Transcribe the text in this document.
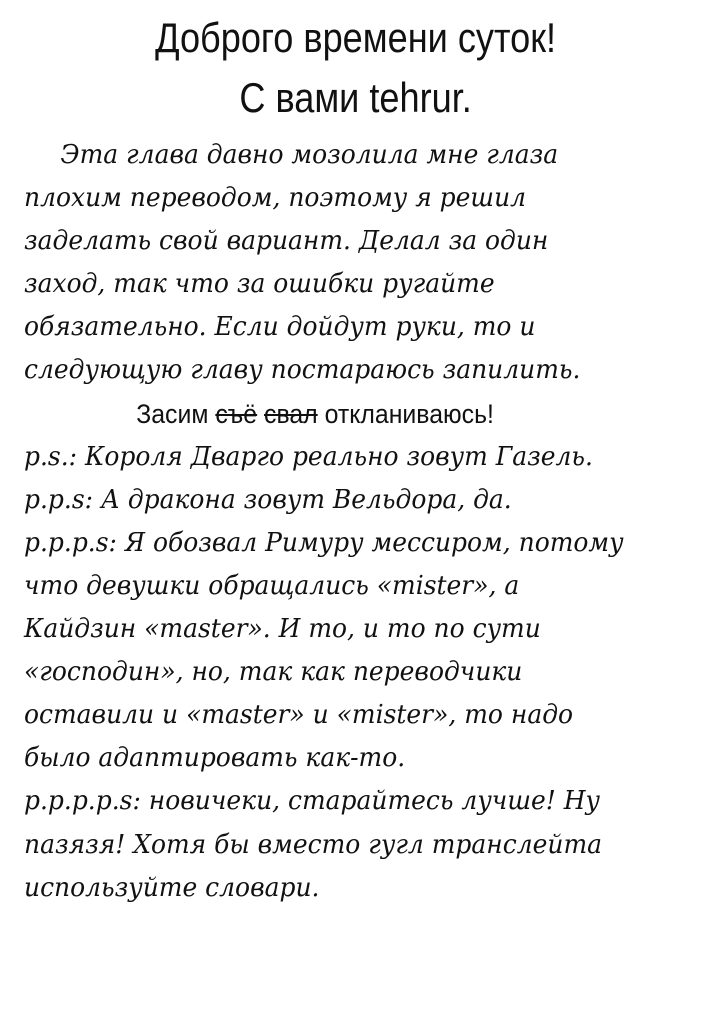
Доброго времени суток!
С вами tehrur.
Эта глава давно мозолила мне глаза
плохим переводом, поэтому я решил
заделать свой вариант. Делал за один
заход, так что за ошибки ругайте
обязательно. Если дойдут руки, то и
следующую главу постараюсь запилить.
Засим съё свал откланиваюсь!
p.s.: Короля Дварго реально зовут Газель.
p.p.s: А дракона зовут Вельдора, да.
p.p.p.s: Я обозвал Римуру мессиром, потому
что девушки обращались «mister», а
Кайдзин «master». И то, и то по сути
«господин», но, так как переводчики
оставили и «master» и «mister», то надо
было адаптировать как-то.
p.p.p.p.s: новичеки, старайтесь лучше! Ну
пазязя! Хотя бы вместо гугл транслейта
используйте словари.
